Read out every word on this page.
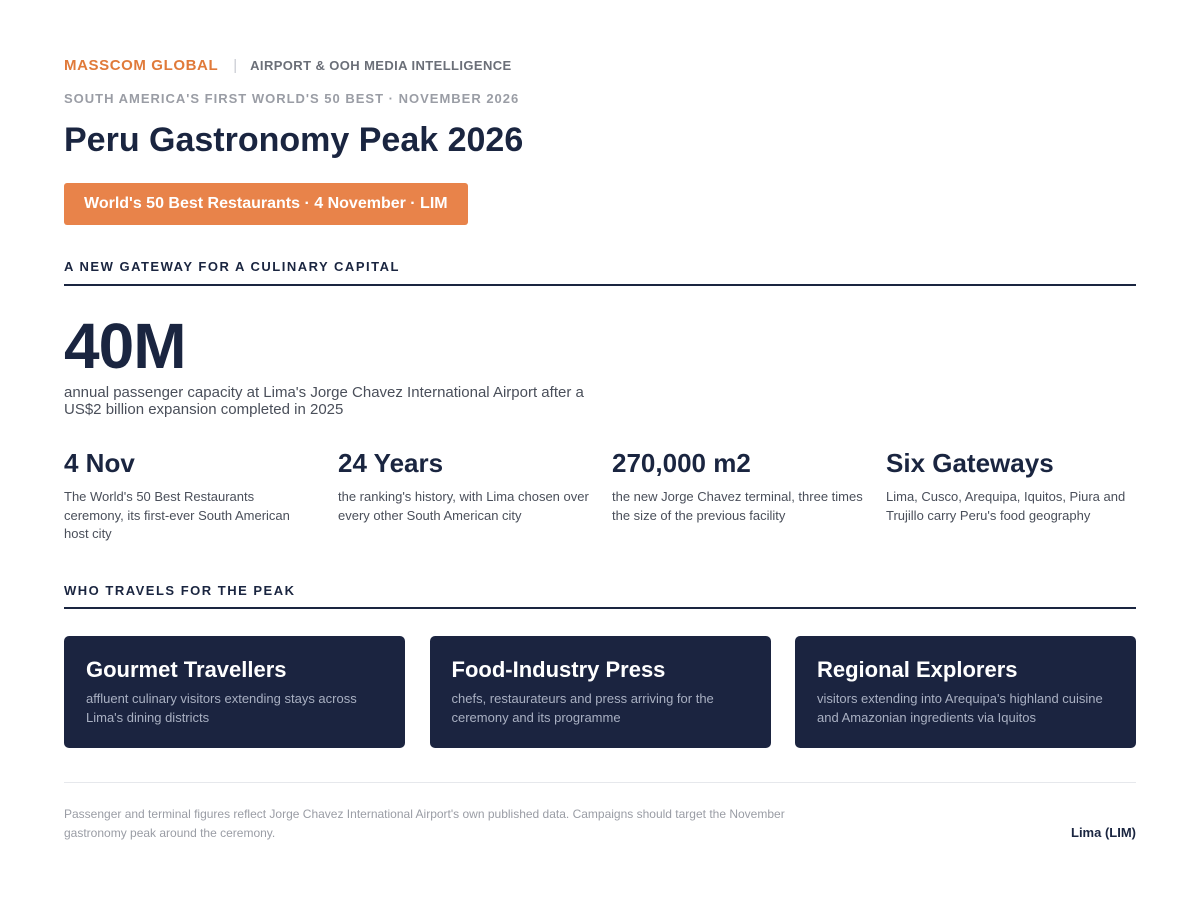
MASSCOM GLOBAL | AIRPORT & OOH MEDIA INTELLIGENCE
SOUTH AMERICA'S FIRST WORLD'S 50 BEST · NOVEMBER 2026
Peru Gastronomy Peak 2026
World's 50 Best Restaurants · 4 November · LIM
A NEW GATEWAY FOR A CULINARY CAPITAL
40M
annual passenger capacity at Lima's Jorge Chavez International Airport after a US$2 billion expansion completed in 2025
4 Nov
The World's 50 Best Restaurants ceremony, its first-ever South American host city
24 Years
the ranking's history, with Lima chosen over every other South American city
270,000 m2
the new Jorge Chavez terminal, three times the size of the previous facility
Six Gateways
Lima, Cusco, Arequipa, Iquitos, Piura and Trujillo carry Peru's food geography
WHO TRAVELS FOR THE PEAK
Gourmet Travellers
affluent culinary visitors extending stays across Lima's dining districts
Food-Industry Press
chefs, restaurateurs and press arriving for the ceremony and its programme
Regional Explorers
visitors extending into Arequipa's highland cuisine and Amazonian ingredients via Iquitos
Passenger and terminal figures reflect Jorge Chavez International Airport's own published data. Campaigns should target the November gastronomy peak around the ceremony.	Lima (LIM)
